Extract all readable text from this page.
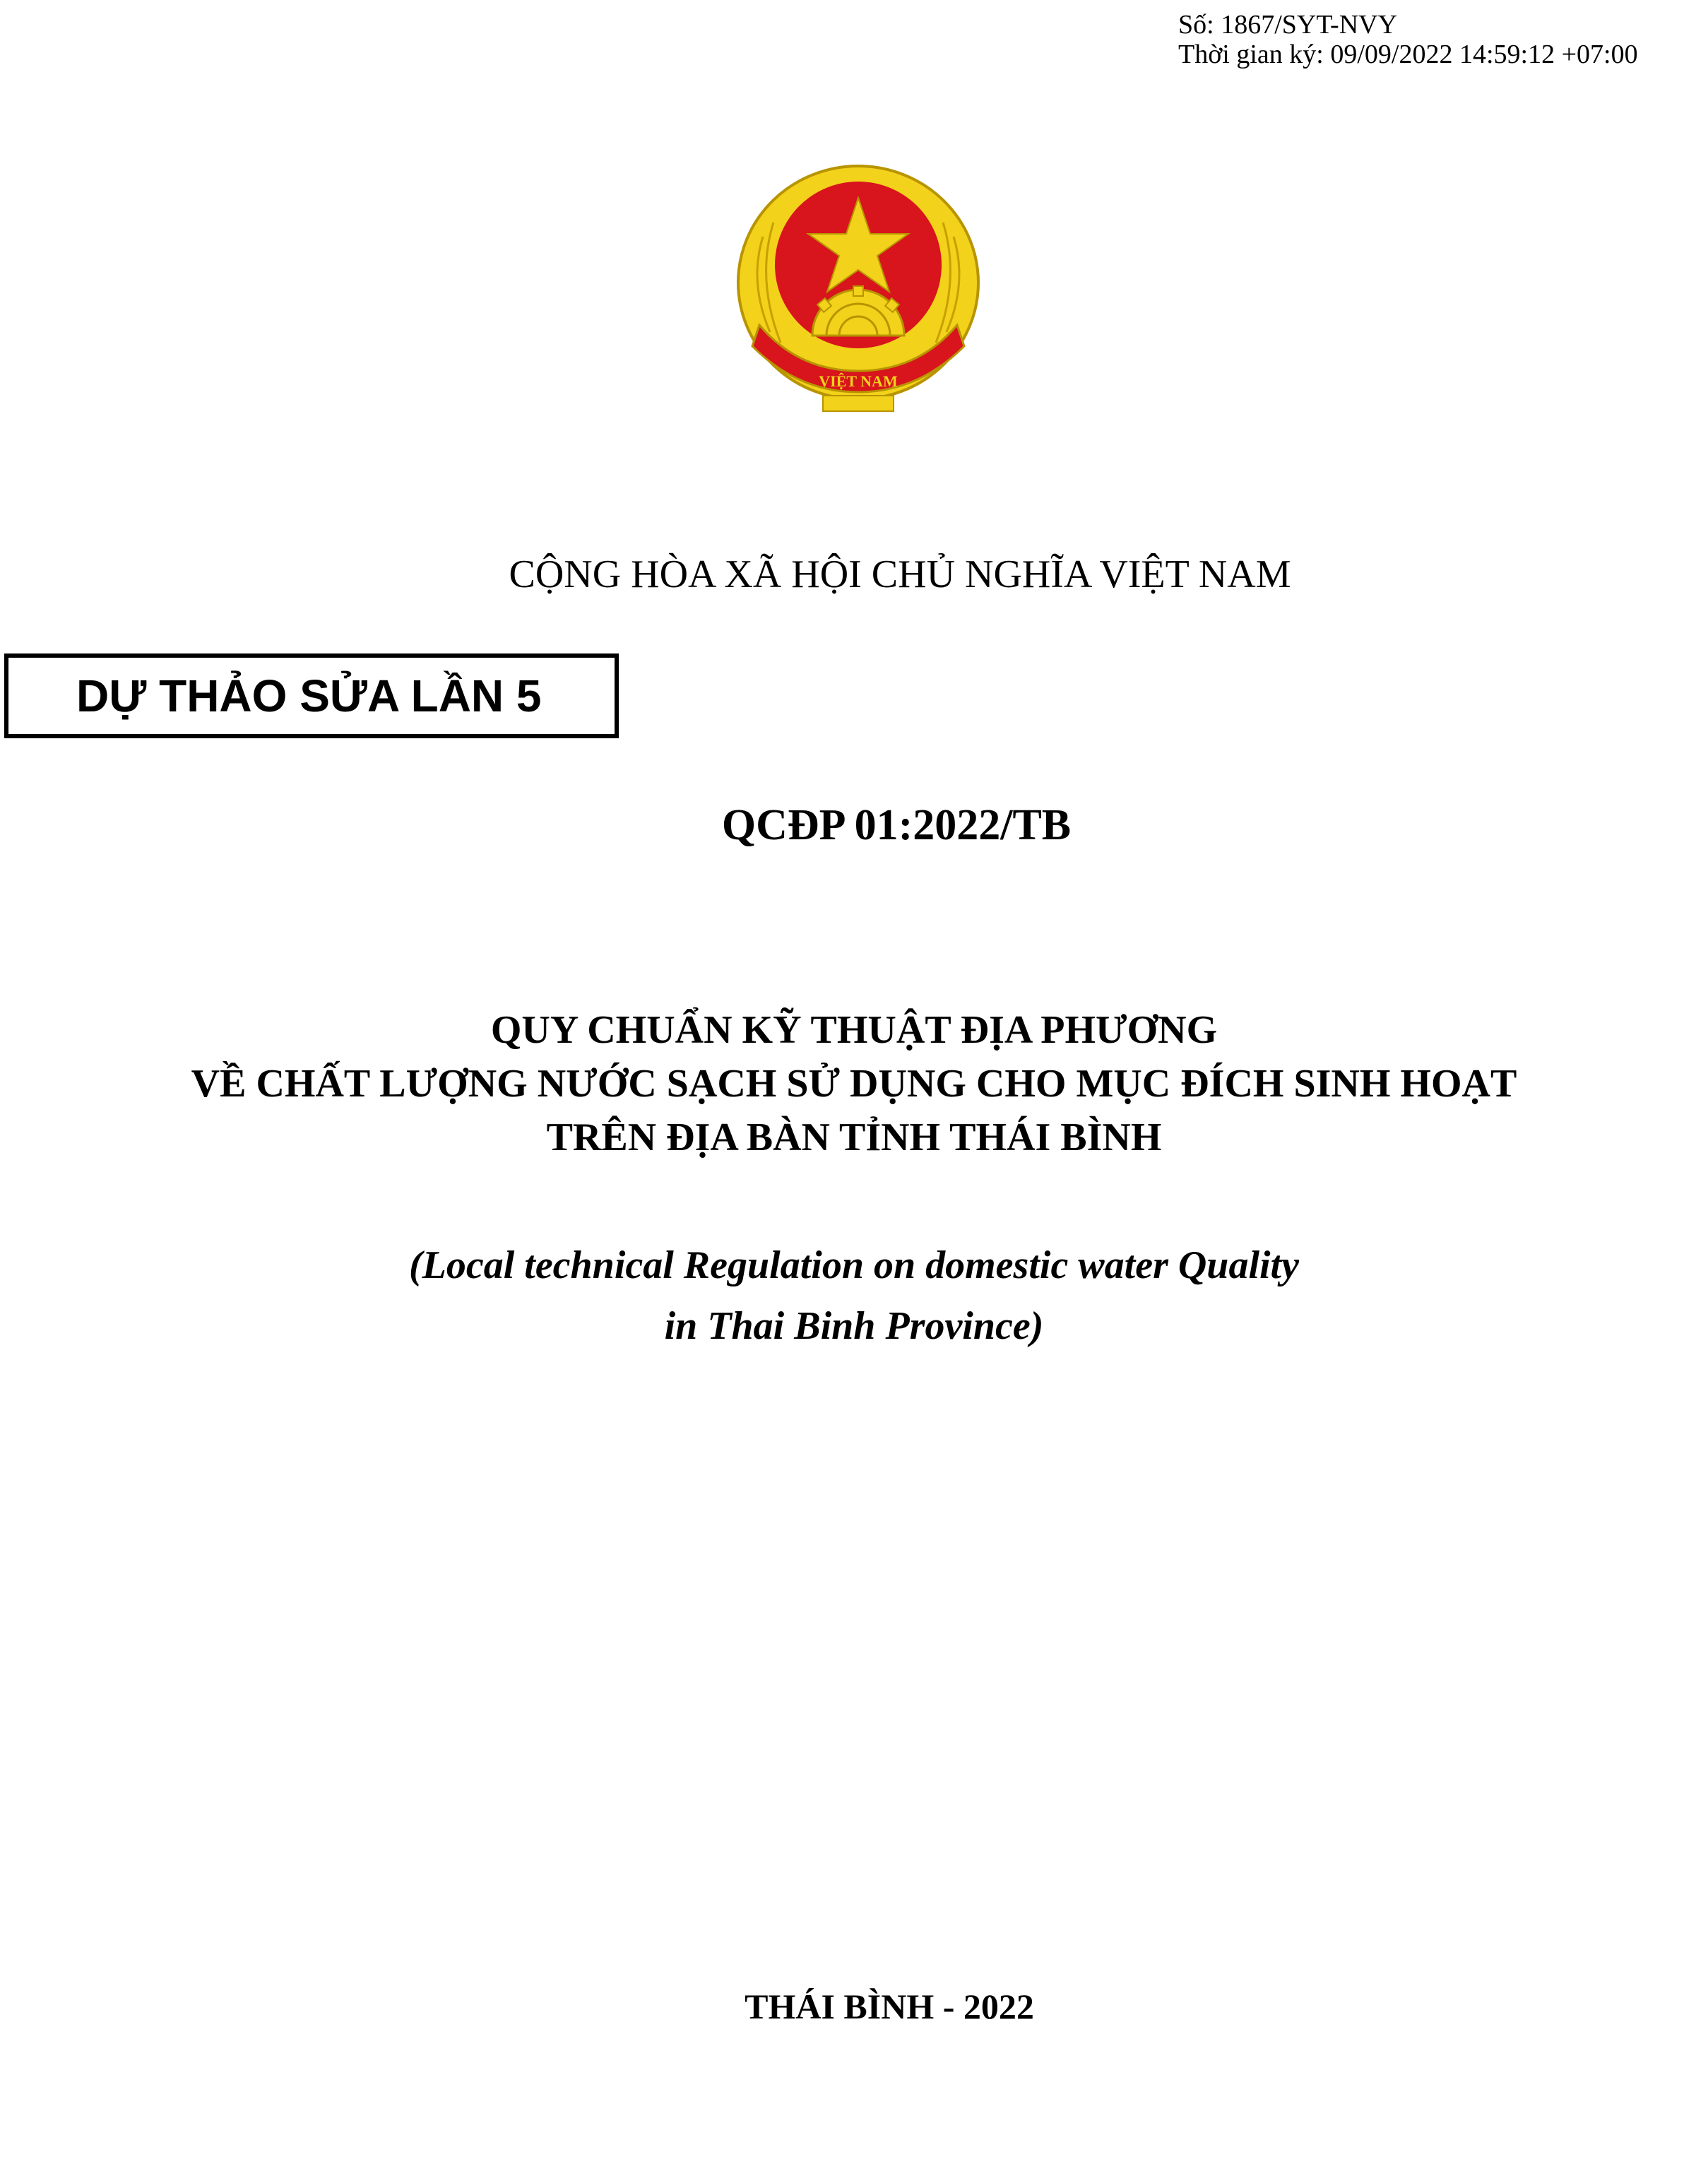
Số: 1867/SYT-NVY
Thời gian ký: 09/09/2022 14:59:12 +07:00
VIỆT NAM
CỘNG HÒA XÃ HỘI CHỦ NGHĨA VIỆT NAM
DỰ THẢO SỬA LẦN 5
QCĐP 01:2022/TB
QUY CHUẨN KỸ THUẬT ĐỊA PHƯƠNG
VỀ CHẤT LƯỢNG NƯỚC SẠCH SỬ DỤNG CHO MỤC ĐÍCH SINH HOẠT
TRÊN ĐỊA BÀN TỈNH THÁI BÌNH
(Local technical Regulation on domestic water Quality
in Thai Binh Province)
THÁI BÌNH - 2022
